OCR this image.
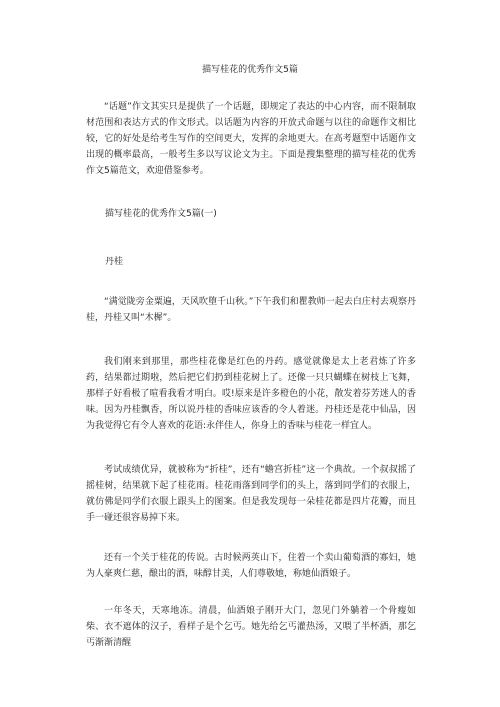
描写桂花的优秀作文5篇

“话题”作文其实只是提供了一个话题，即规定了表达的中心内容，而不限制取材范围和表达方式的作文形式。以话题为内容的开放式命题与以往的命题作文相比较，它的好处是给考生写作的空间更大，发挥的余地更大。在高考题型中话题作文出现的概率最高，一般考生多以写议论文为主。下面是搜集整理的描写桂花的优秀作文5篇范文，欢迎借鉴参考。

描写桂花的优秀作文5篇(一)

丹桂

“满觉陇旁金粟遍，天风吹堕千山秋。”下午我们和瞿教师一起去白庄村去观察丹桂，丹桂又叫“木樨”。

我们刚来到那里，那些桂花像是红色的丹药。感觉就像是太上老君炼了许多药，结果都过期啦，然后把它们扔到桂花树上了。还像一只只蝴蝶在树枝上飞舞，那样子好看极了喧看我看才明白。哎!原来是许多橙色的小花，散发着芬芳迷人的香味。因为丹桂飘香，所以说丹桂的香味应该香的令人着迷。丹桂还是花中仙品，因为我觉得它有令人喜欢的花语:永伴佳人，你身上的香味与桂花一样宜人。

考试成绩优异，就被称为“折桂”，还有“蟾宫折桂”这一个典故。一个叔叔摇了摇桂树，结果就下起了桂花雨。桂花雨落到同学们的头上，落到同学们的衣服上，就仿佛是同学们衣服上跟头上的图案。但是我发现每一朵桂花都是四片花瓣，而且手一碰还很容易掉下来。

还有一个关于桂花的传说。古时候两英山下，住着一个卖山葡萄酒的寡妇，她为人豪爽仁慈，酿出的酒，味醇甘美，人们尊敬她，称她仙酒娘子。

一年冬天，天寒地冻。清晨，仙酒娘子刚开大门，忽见门外躺着一个骨瘦如柴、衣不遮体的汉子，看样子是个乞丐。她先给乞丐灌热汤，又喂了半杯酒，那乞丐渐渐清醒
